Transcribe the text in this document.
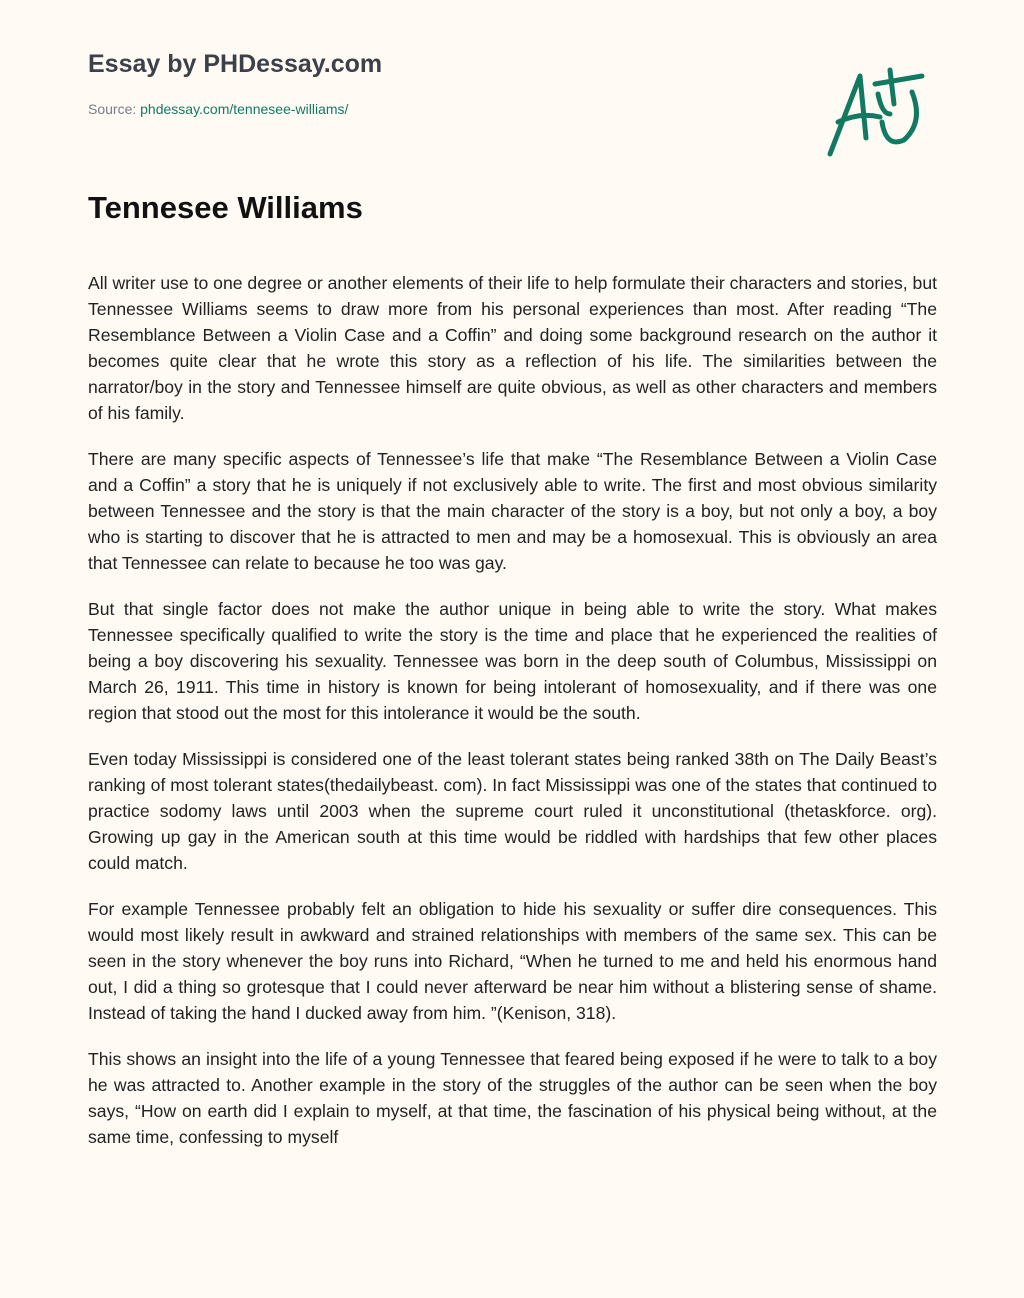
Essay by PHDessay.com
Source: phdessay.com/tennesee-williams/
Tennesee Williams

All writer use to one degree or another elements of their life to help formulate their characters and stories, but Tennessee Williams seems to draw more from his personal experiences than most. After reading “The Resemblance Between a Violin Case and a Coffin” and doing some background research on the author it becomes quite clear that he wrote this story as a reflection of his life. The similarities between the narrator/boy in the story and Tennessee himself are quite obvious, as well as other characters and members of his family.

There are many specific aspects of Tennessee’s life that make “The Resemblance Between a Violin Case and a Coffin” a story that he is uniquely if not exclusively able to write. The first and most obvious similarity between Tennessee and the story is that the main character of the story is a boy, but not only a boy, a boy who is starting to discover that he is attracted to men and may be a homosexual. This is obviously an area that Tennessee can relate to because he too was gay.

But that single factor does not make the author unique in being able to write the story. What makes Tennessee specifically qualified to write the story is the time and place that he experienced the realities of being a boy discovering his sexuality. Tennessee was born in the deep south of Columbus, Mississippi on March 26, 1911. This time in history is known for being intolerant of homosexuality, and if there was one region that stood out the most for this intolerance it would be the south.

Even today Mississippi is considered one of the least tolerant states being ranked 38th on The Daily Beast’s ranking of most tolerant states(thedailybeast. com). In fact Mississippi was one of the states that continued to practice sodomy laws until 2003 when the supreme court ruled it unconstitutional (thetaskforce. org). Growing up gay in the American south at this time would be riddled with hardships that few other places could match.

For example Tennessee probably felt an obligation to hide his sexuality or suffer dire consequences. This would most likely result in awkward and strained relationships with members of the same sex. This can be seen in the story whenever the boy runs into Richard, “When he turned to me and held his enormous hand out, I did a thing so grotesque that I could never afterward be near him without a blistering sense of shame. Instead of taking the hand I ducked away from him. ”(Kenison, 318).

This shows an insight into the life of a young Tennessee that feared being exposed if he were to talk to a boy he was attracted to. Another example in the story of the struggles of the author can be seen when the boy says, “How on earth did I explain to myself, at that time, the fascination of his physical being without, at the same time, confessing to myself
